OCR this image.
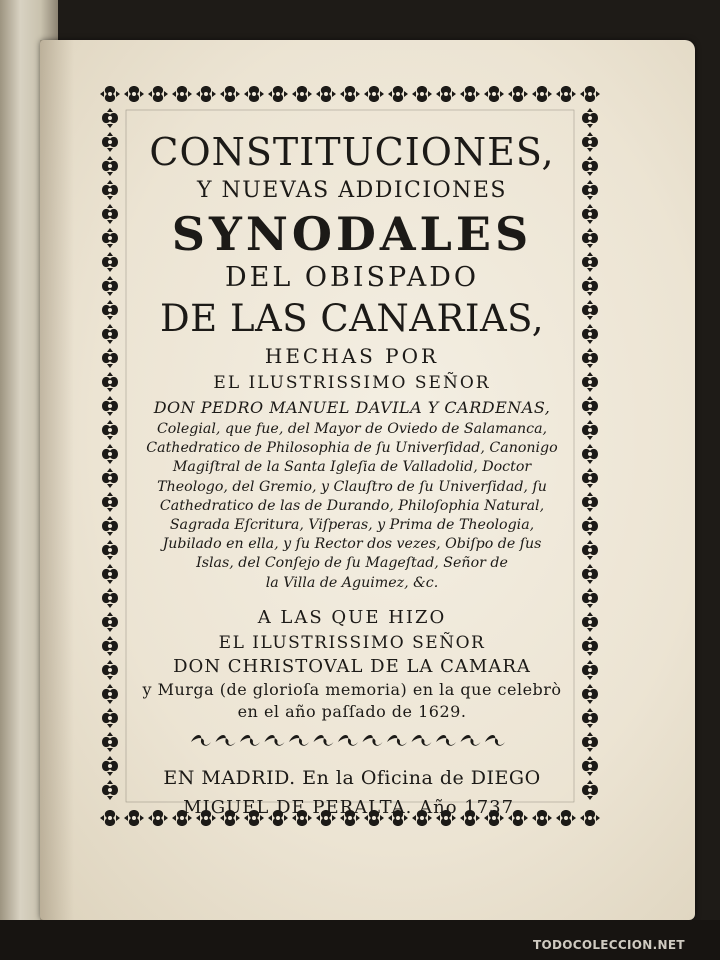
CONSTITUCIONES,
Y NUEVAS ADDICIONES
SYNODALES
DEL OBISPADO
DE LAS CANARIAS,
HECHAS POR
EL ILUSTRISSIMO SEÑOR
DON PEDRO MANUEL DAVILA Y CARDENAS,
Colegial, que fue, del Mayor de Oviedo de Salamanca,
Cathedratico de Philosophia de ſu Univerſidad, Canonigo
Magiſtral de la Santa Igleſia de Valladolid, Doctor
Theologo, del Gremio, y Clauſtro de ſu Univerſidad, ſu
Cathedratico de las de Durando, Philoſophia Natural,
Sagrada Eſcritura, Viſperas, y Prima de Theologia,
Jubilado en ella, y ſu Rector dos vezes, Obiſpo de ſus
Islas, del Conſejo de ſu Mageſtad, Señor de
la Villa de Aguimez, &c.
A LAS QUE HIZO
EL ILUSTRISSIMO SEÑOR
DON CHRISTOVAL DE LA CAMARA
y Murga (de glorioſa memoria) en la que celebrò
en el año paſſado de 1629.
EN MADRID. En la Oficina de DIEGO
MIGUEL DE PERALTA. Año 1737.
TODOCOLECCION.NET
